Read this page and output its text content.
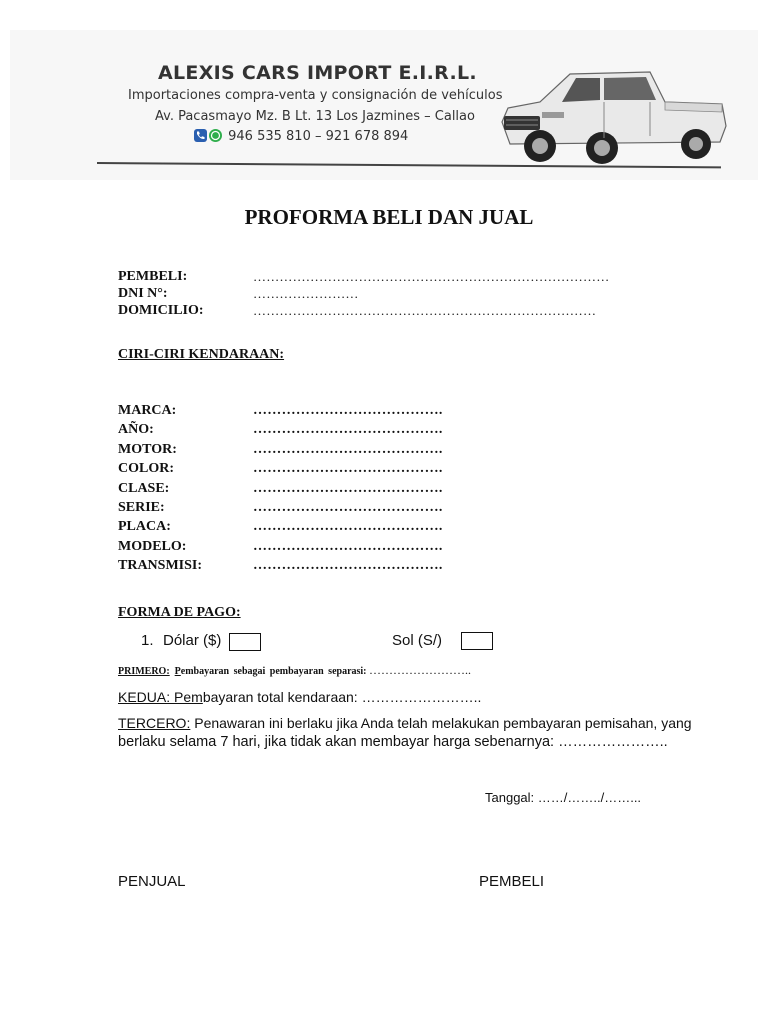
ALEXIS CARS IMPORT E.I.R.L.
Importaciones compra-venta y consignación de vehículos
Av. Pacasmayo Mz. B Lt. 13 Los Jazmines – Callao
946 535 810 – 921 678 894
PROFORMA BELI DAN JUAL
PEMBELI:	………………………………………………………………………
DNI N°:	……………………
DOMICILIO:	……………………………………………………………………
CIRI-CIRI KENDARAAN:
MARCA:	………………………………….
AÑO:	………………………………….
MOTOR:	………………………………….
COLOR:	………………………………….
CLASE:	………………………………….
SERIE:	………………………………….
PLACA:	………………………………….
MODELO:	………………………………….
TRANSMISI:	………………………………….
FORMA DE PAGO:
1. Dólar ($)	Sol (S/)
PRIMERO: Pembayaran sebagai pembayaran separasi: ……………………..
KEDUA: Pembayaran total kendaraan: ……………………..
TERCERO: Penawaran ini berlaku jika Anda telah melakukan pembayaran pemisahan, yang
berlaku selama 7 hari, jika tidak akan membayar harga sebenarnya: …………………..
Tanggal: ……/……../……...
PENJUAL	PEMBELI
